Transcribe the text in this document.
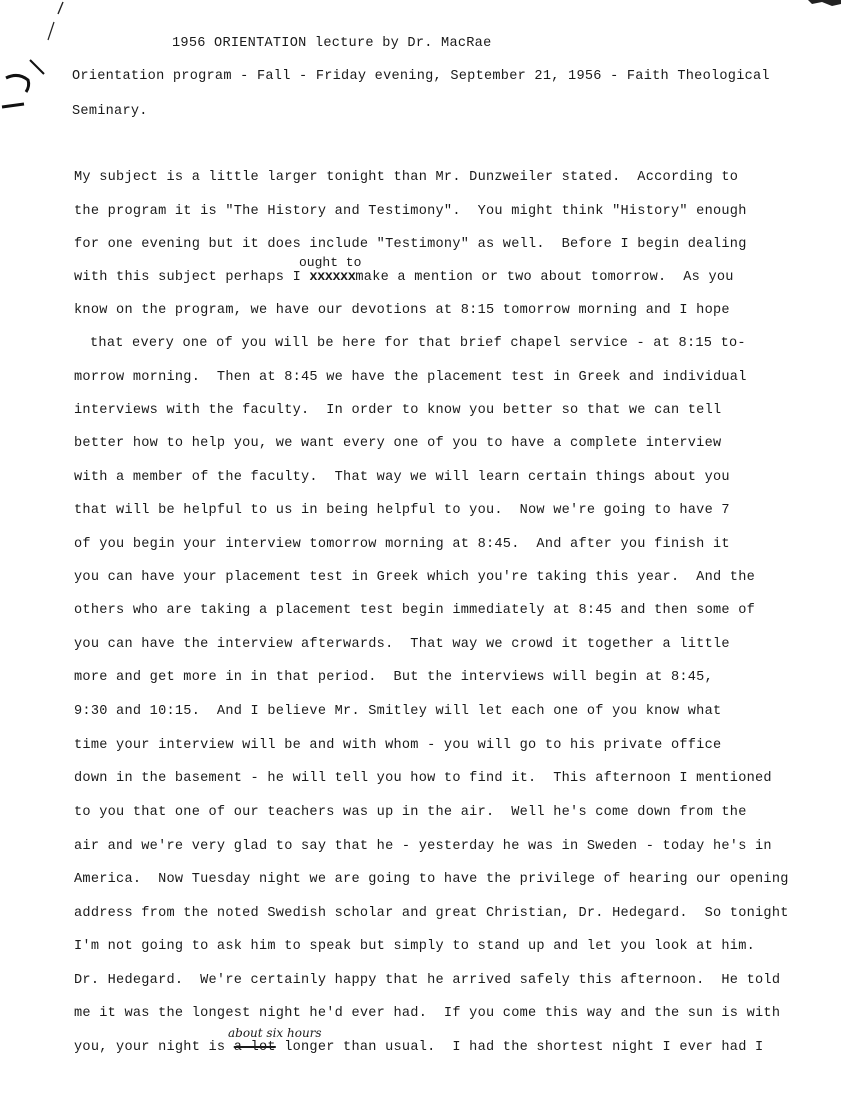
1956 ORIENTATION lecture by Dr. MacRae
Orientation program - Fall - Friday evening, September 21, 1956 - Faith Theological
Seminary.
My subject is a little larger tonight than Mr. Dunzweiler stated.  According to
the program it is "The History and Testimony".  You might think "History" enough
for one evening but it does include "Testimony" as well.  Before I begin dealing
ought to
with this subject perhaps I xxxxxxmake a mention or two about tomorrow.  As you
know on the program, we have our devotions at 8:15 tomorrow morning and I hope
that every one of you will be here for that brief chapel service - at 8:15 to-
morrow morning.  Then at 8:45 we have the placement test in Greek and individual
interviews with the faculty.  In order to know you better so that we can tell
better how to help you, we want every one of you to have a complete interview
with a member of the faculty.  That way we will learn certain things about you
that will be helpful to us in being helpful to you.  Now we're going to have 7
of you begin your interview tomorrow morning at 8:45.  And after you finish it
you can have your placement test in Greek which you're taking this year.  And the
others who are taking a placement test begin immediately at 8:45 and then some of
you can have the interview afterwards.  That way we crowd it together a little
more and get more in in that period.  But the interviews will begin at 8:45,
9:30 and 10:15.  And I believe Mr. Smitley will let each one of you know what
time your interview will be and with whom - you will go to his private office
down in the basement - he will tell you how to find it.  This afternoon I mentioned
to you that one of our teachers was up in the air.  Well he's come down from the
air and we're very glad to say that he - yesterday he was in Sweden - today he's in
America.  Now Tuesday night we are going to have the privilege of hearing our opening
address from the noted Swedish scholar and great Christian, Dr. Hedegard.  So tonight
I'm not going to ask him to speak but simply to stand up and let you look at him.
Dr. Hedegard.  We're certainly happy that he arrived safely this afternoon.  He told
me it was the longest night he'd ever had.  If you come this way and the sun is with
about six hours
you, your night is a lot longer than usual.  I had the shortest night I ever had I
